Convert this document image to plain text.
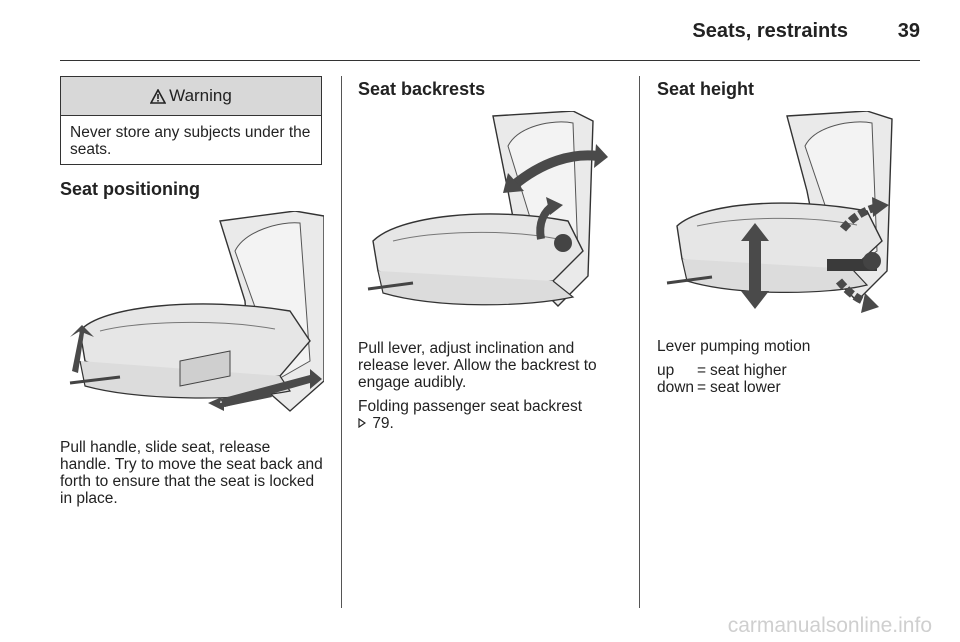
Seats, restraints 39
Warning
Never store any subjects under the seats.
Seat positioning

Pull handle, slide seat, release handle. Try to move the seat back and forth to ensure that the seat is locked in place.

Seat backrests

Pull lever, adjust inclination and release lever. Allow the backrest to engage audibly.

Folding passenger seat backrest

79.

Seat height

Lever pumping motion

up	= seat higher
down = seat lower
carmanualsonline.info
